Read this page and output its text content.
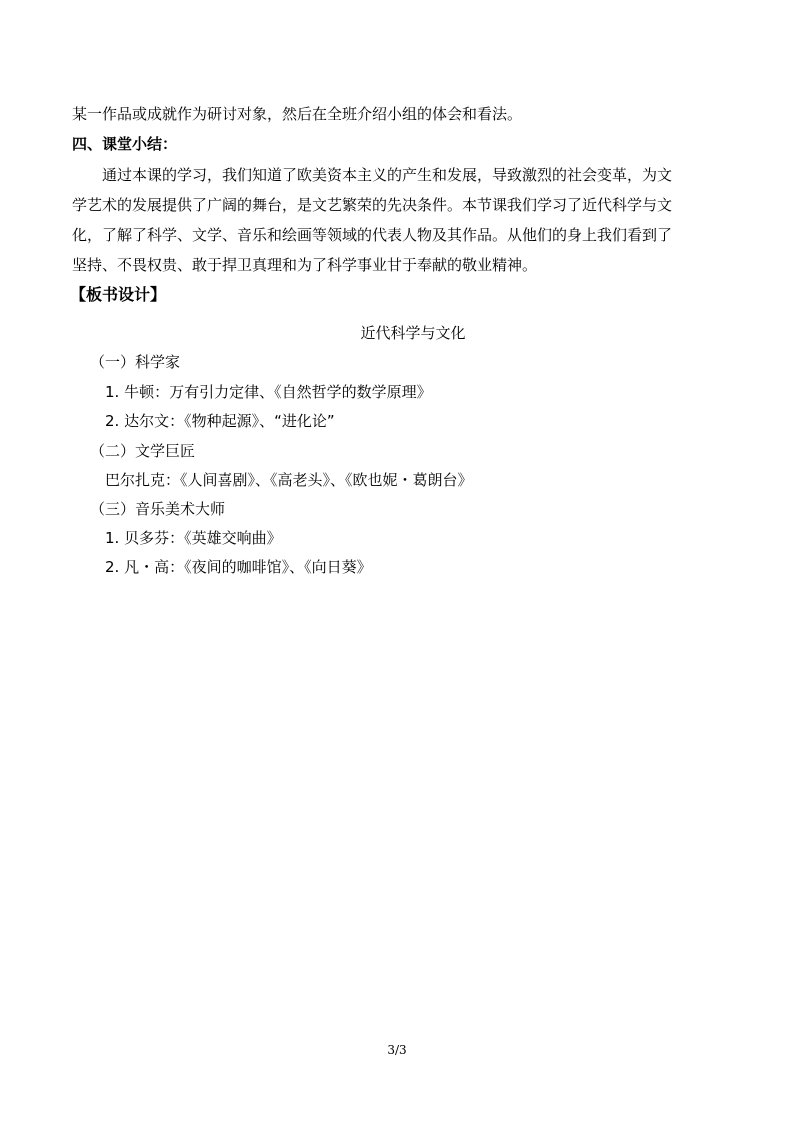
某一作品或成就作为研讨对象，然后在全班介绍小组的体会和看法。
四、课堂小结：
通过本课的学习，我们知道了欧美资本主义的产生和发展，导致激烈的社会变革，为文
学艺术的发展提供了广阔的舞台，是文艺繁荣的先决条件。本节课我们学习了近代科学与文
化，了解了科学、文学、音乐和绘画等领域的代表人物及其作品。从他们的身上我们看到了
坚持、不畏权贵、敢于捍卫真理和为了科学事业甘于奉献的敬业精神。
【板书设计】
近代科学与文化
（一）科学家
1. 牛顿：万有引力定律、《自然哲学的数学原理》
2. 达尔文：《物种起源》、“进化论”
（二）文学巨匠
巴尔扎克：《人间喜剧》、《高老头》、《欧也妮・葛朗台》
（三）音乐美术大师
1. 贝多芬：《英雄交响曲》
2. 凡・高：《夜间的咖啡馆》、《向日葵》
3/3
